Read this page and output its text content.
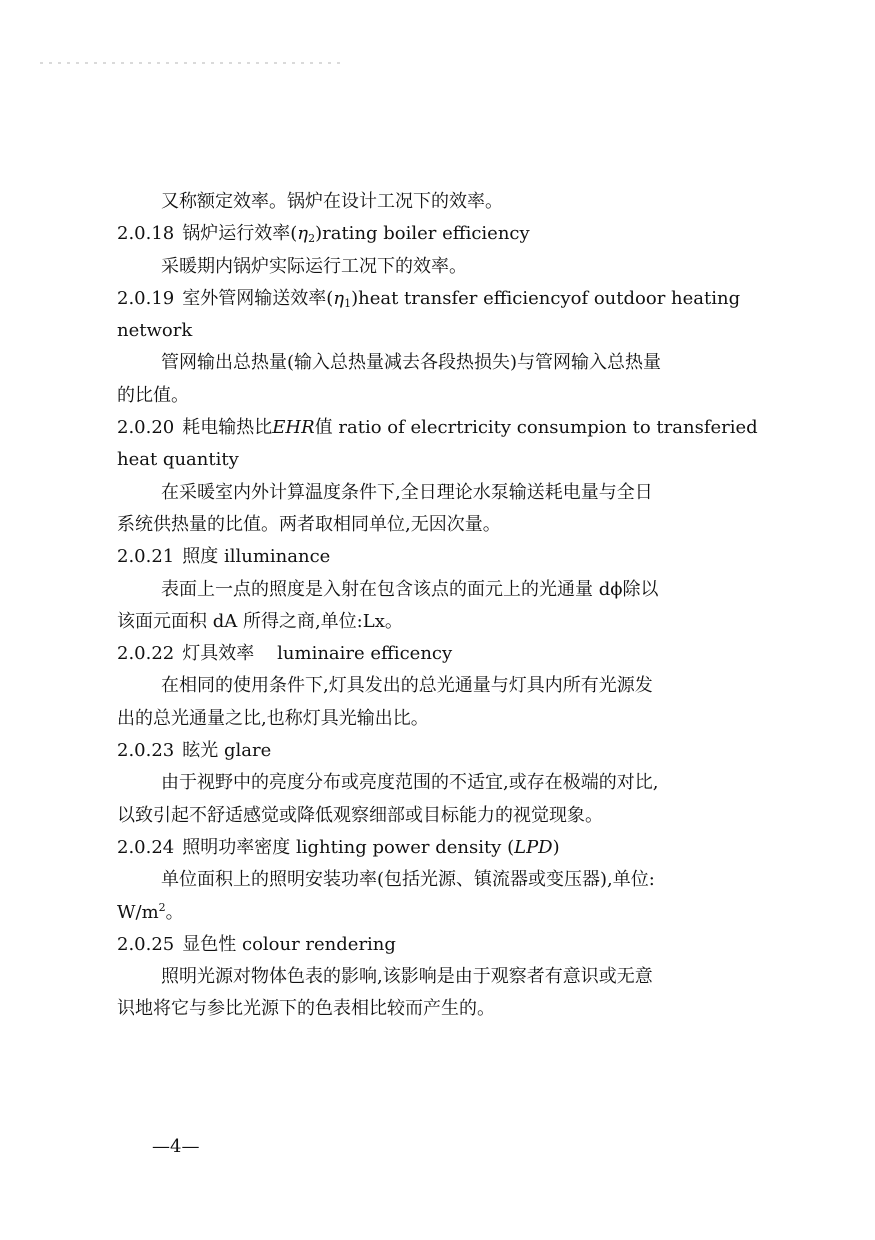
又称额定效率。锅炉在设计工况下的效率。
2.0.18 锅炉运行效率$(\eta_2)rating$ boiler efficiency
采暖期内锅炉实际运行工况下的效率。
2.0.19 室外管网输送效率$(\eta_1)heat$ transfer efficiencyof outdoor heating
network
管网输出总热量(输入总热量减去各段热损失)与管网输入总热量
的比值。
2.0.20 耗电输热比EHR值 ratio of elecrtricity consumpion to transferied
heat quantity
在采暖室内外计算温度条件下,全日理论水泵输送耗电量与全日
系统供热量的比值。两者取相同单位,无因次量。
2.0.21 照度 illuminance
表面上一点的照度是入射在包含该点的面元上的光通量 dϕ除以
该面元面积 dA 所得之商,单位:Lx。
2.0.22 灯具效率    luminaire efficency
在相同的使用条件下,灯具发出的总光通量与灯具内所有光源发
出的总光通量之比,也称灯具光输出比。
2.0.23 眩光 glare
由于视野中的亮度分布或亮度范围的不适宜,或存在极端的对比,
以致引起不舒适感觉或降低观察细部或目标能力的视觉现象。
2.0.24 照明功率密度 lighting power density (LPD)
单位面积上的照明安装功率(包括光源、镇流器或变压器),单位:
$W/m^2$。
2.0.25 显色性 colour rendering
照明光源对物体色表的影响,该影响是由于观察者有意识或无意
识地将它与参比光源下的色表相比较而产生的。
—4—
